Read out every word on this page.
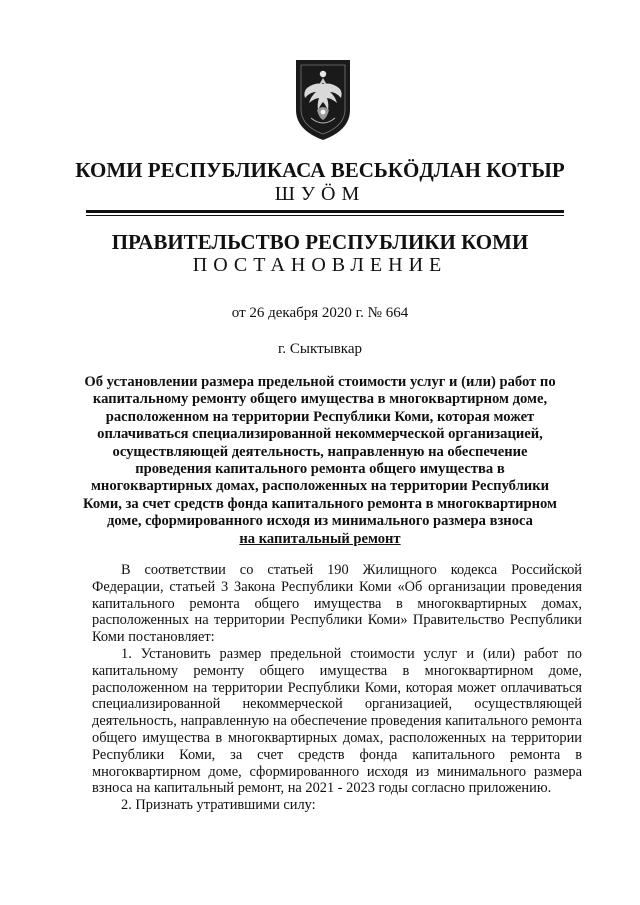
КОМИ РЕСПУБЛИКАСА ВЕСЬКӦДЛАН КОТЫР
ШУÖМ
ПРАВИТЕЛЬСТВО РЕСПУБЛИКИ КОМИ
ПОСТАНОВЛЕНИЕ
от 26 декабря 2020 г. № 664
г. Сыктывкар
Об установлении размера предельной стоимости услуг и (или) работ по
капитальному ремонту общего имущества в многоквартирном доме,
расположенном на территории Республики Коми, которая может
оплачиваться специализированной некоммерческой организацией,
осуществляющей деятельность, направленную на обеспечение
проведения капитального ремонта общего имущества в
многоквартирных домах, расположенных на территории Республики
Коми, за счет средств фонда капитального ремонта в многоквартирном
доме, сформированного исходя из минимального размера взноса
на капитальный ремонт

В соответствии со статьей 190 Жилищного кодекса Российской Федерации, статьей 3 Закона Республики Коми «Об организации проведения капитального ремонта общего имущества в многоквартирных домах, расположенных на территории Республики Коми» Правительство Республики Коми постановляет:

1. Установить размер предельной стоимости услуг и (или) работ по капитальному ремонту общего имущества в многоквартирном доме, расположенном на территории Республики Коми, которая может оплачиваться специализированной некоммерческой организацией, осуществляющей деятельность, направленную на обеспечение проведения капитального ремонта общего имущества в многоквартирных домах, расположенных на территории Республики Коми, за счет средств фонда капитального ремонта в многоквартирном доме, сформированного исходя из минимального размера взноса на капитальный ремонт, на 2021 - 2023 годы согласно приложению.

2. Признать утратившими силу:
